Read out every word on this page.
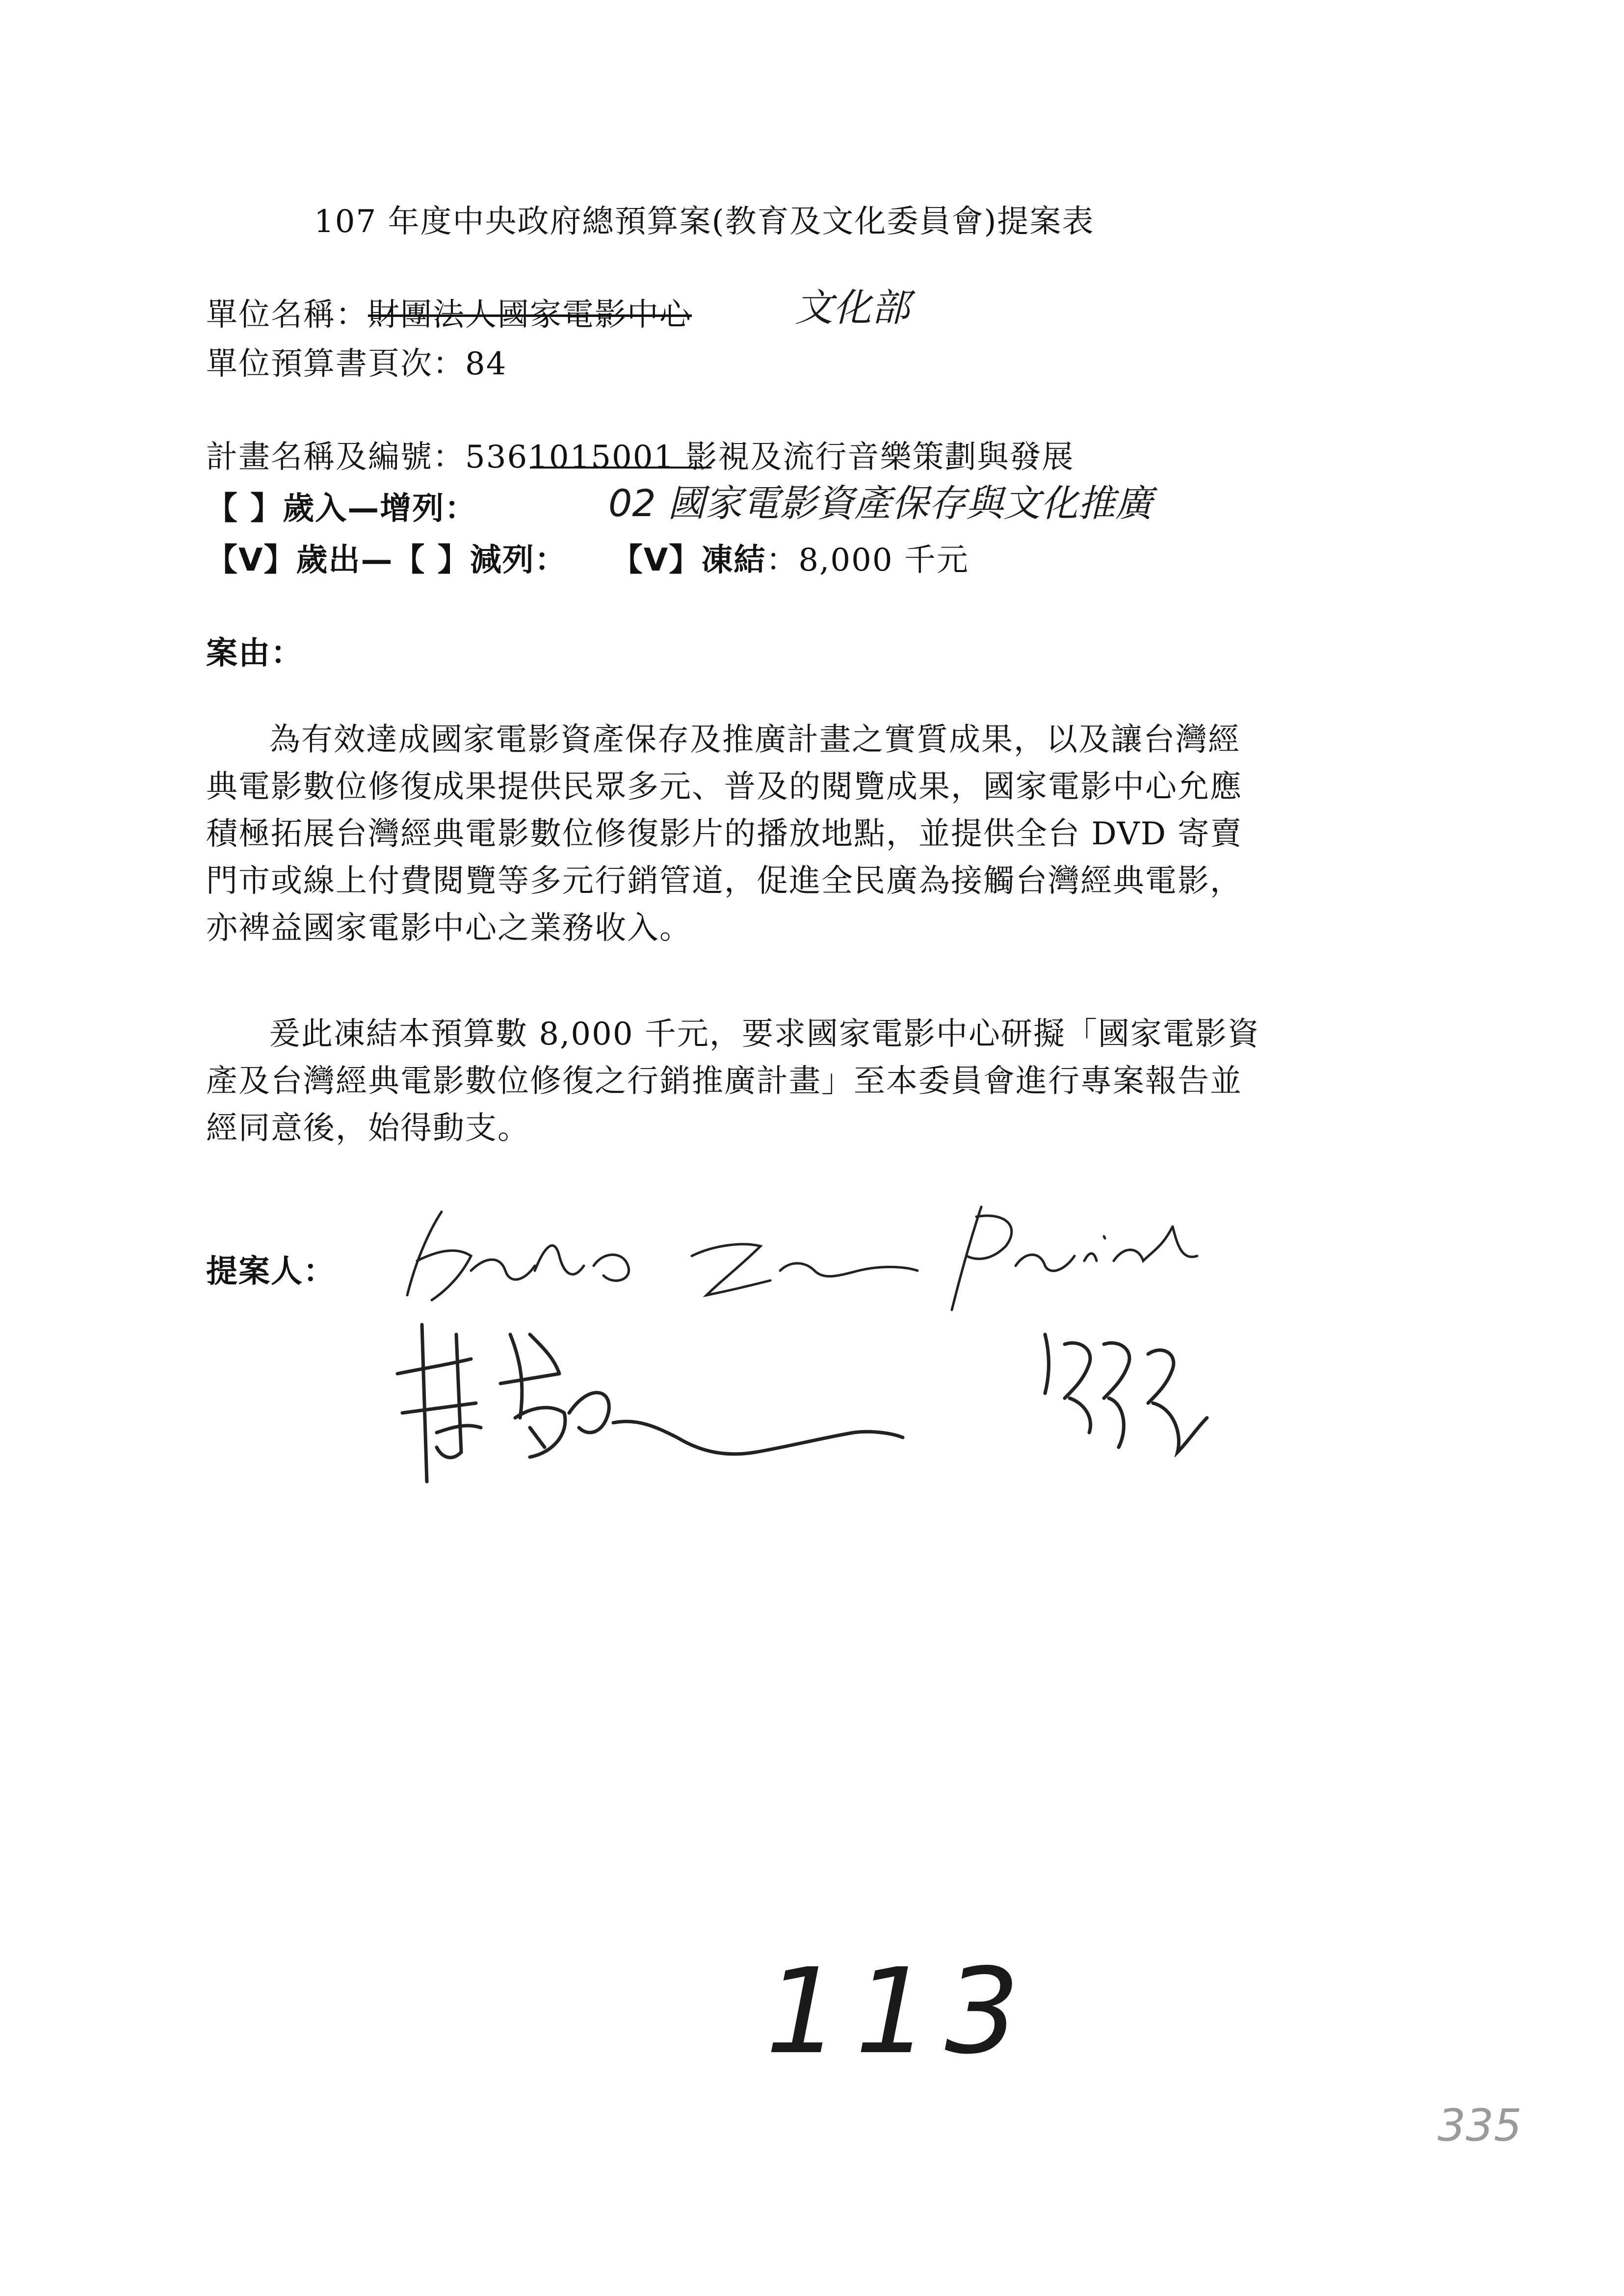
107 年度中央政府總預算案(教育及文化委員會)提案表
單位名稱：財團法人國家電影中心	文化部
單位預算書頁次：84
計畫名稱及編號：5361015001 影視及流行音樂策劃與發展
【 】歲入—增列：	02 國家電影資產保存與文化推廣
【V】歲出—【 】減列： 【V】凍結：8,000 千元
案由：
為有效達成國家電影資產保存及推廣計畫之實質成果，以及讓台灣經
典電影數位修復成果提供民眾多元、普及的閱覽成果，國家電影中心允應
積極拓展台灣經典電影數位修復影片的播放地點，並提供全台 DVD 寄賣
門市或線上付費閱覽等多元行銷管道，促進全民廣為接觸台灣經典電影，
亦裨益國家電影中心之業務收入。
爰此凍結本預算數 8,000 千元，要求國家電影中心研擬「國家電影資
產及台灣經典電影數位修復之行銷推廣計畫」至本委員會進行專案報告並
經同意後，始得動支。
提案人：
113
335
